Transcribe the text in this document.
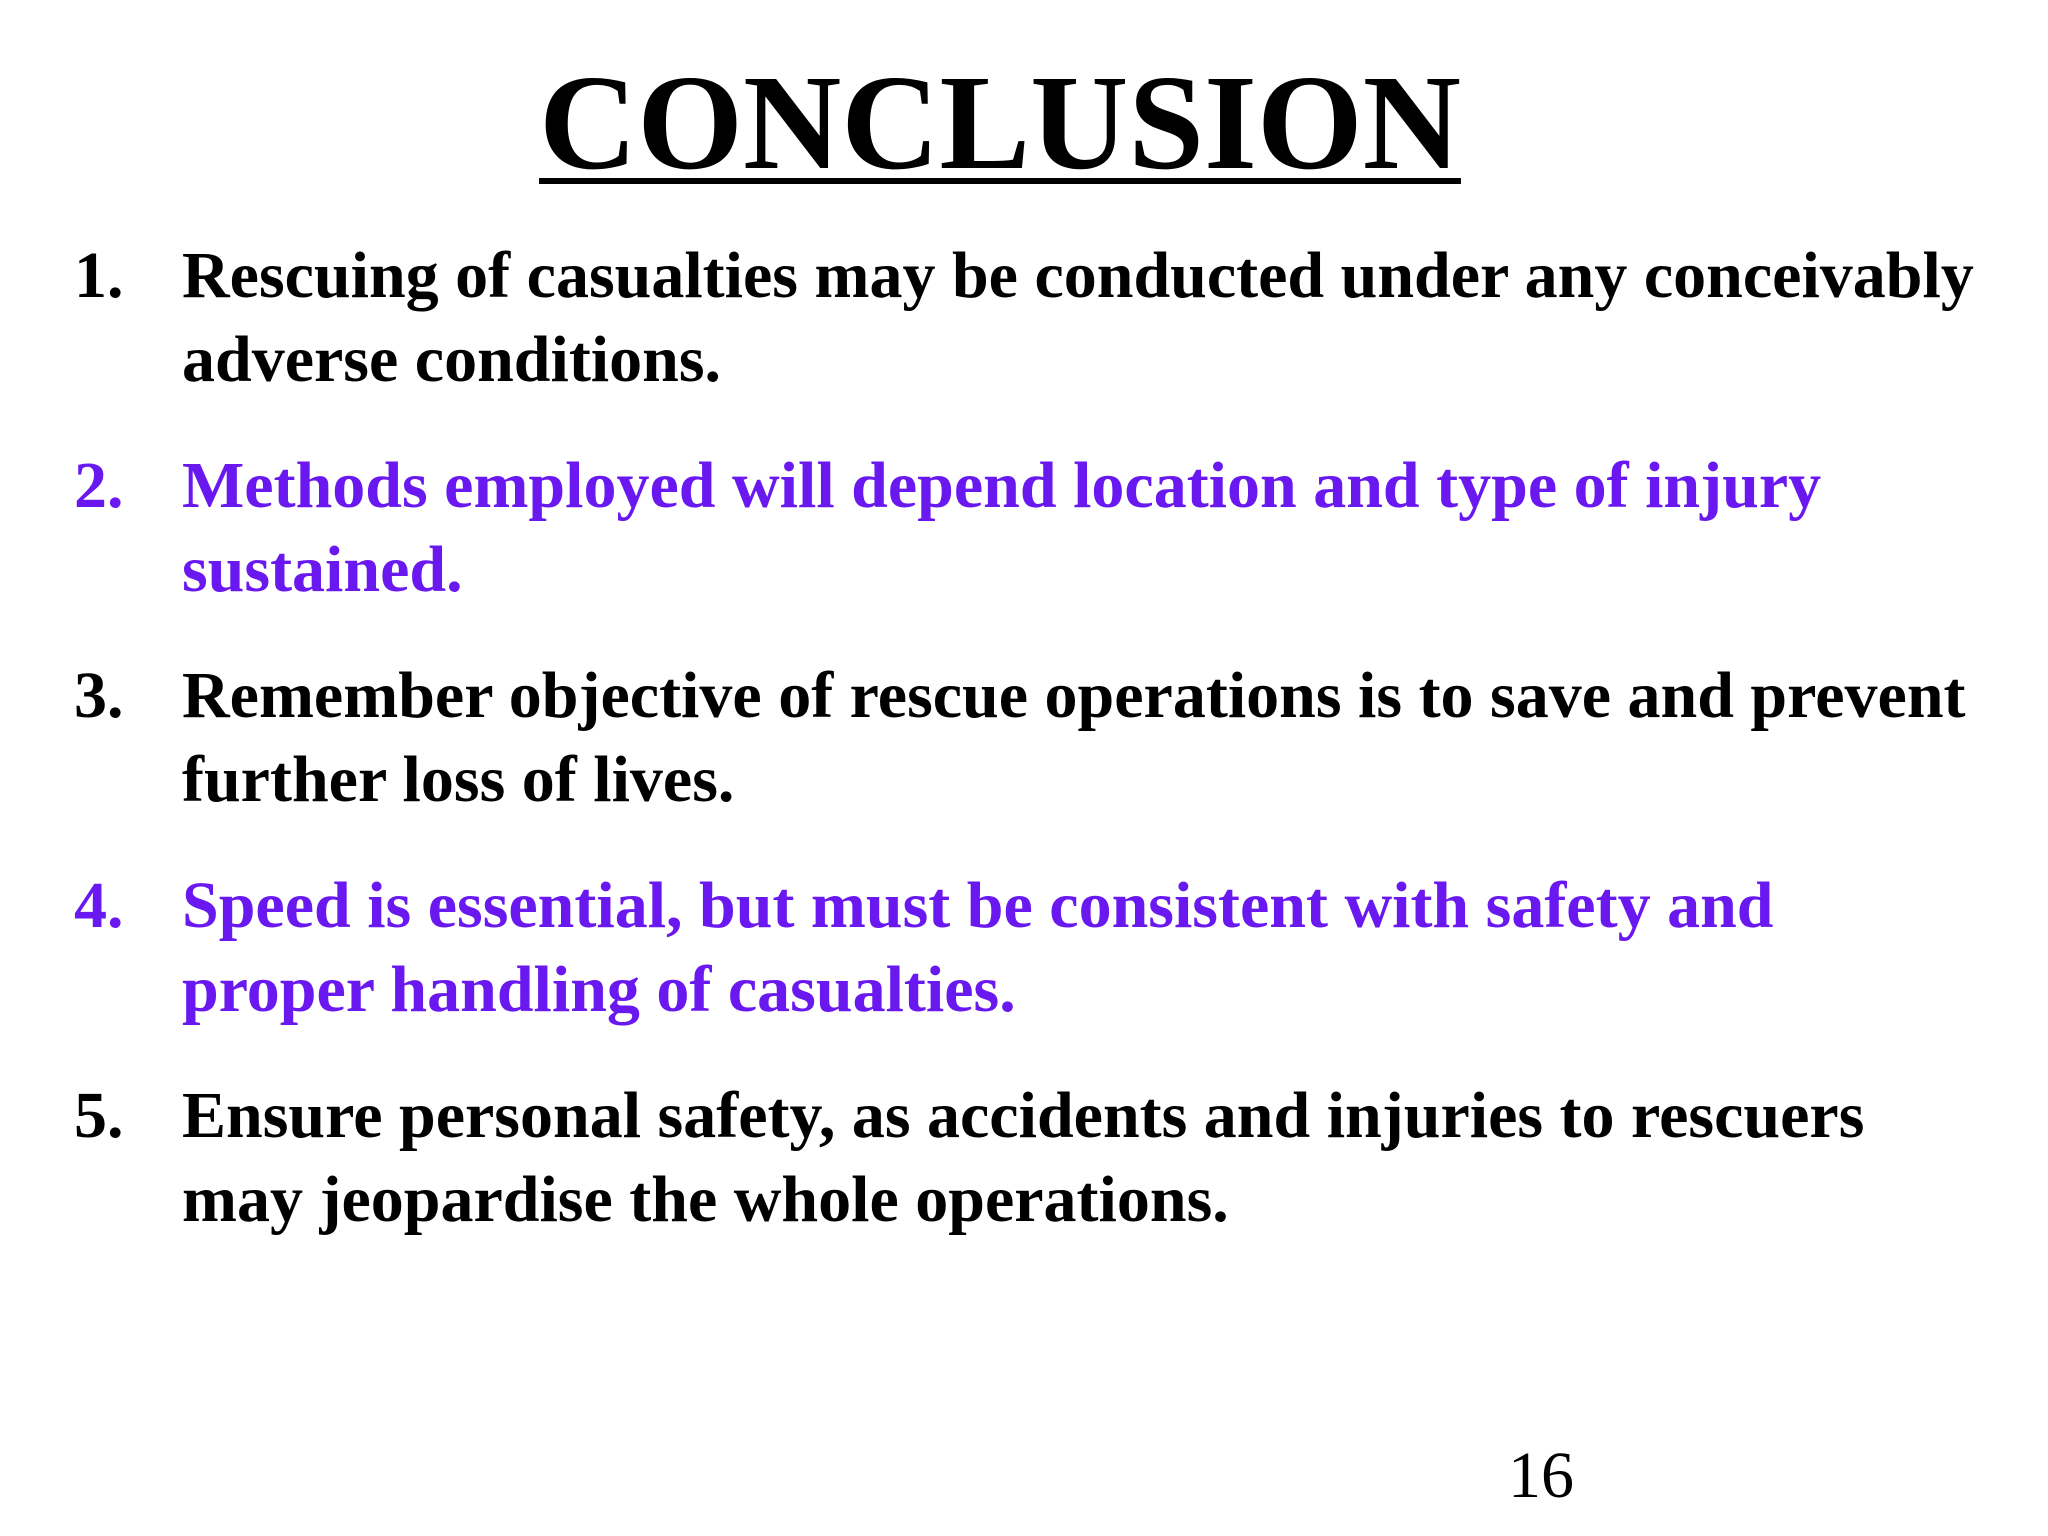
CONCLUSION
1. Rescuing of casualties may be conducted under any conceivably adverse conditions.
2. Methods employed will depend location and type of injury sustained.
3. Remember objective of rescue operations is to save and prevent further loss of lives.
4. Speed is essential, but must be consistent with safety and proper handling of casualties.
5. Ensure personal safety, as accidents and injuries to rescuers may jeopardise the whole operations.
16
